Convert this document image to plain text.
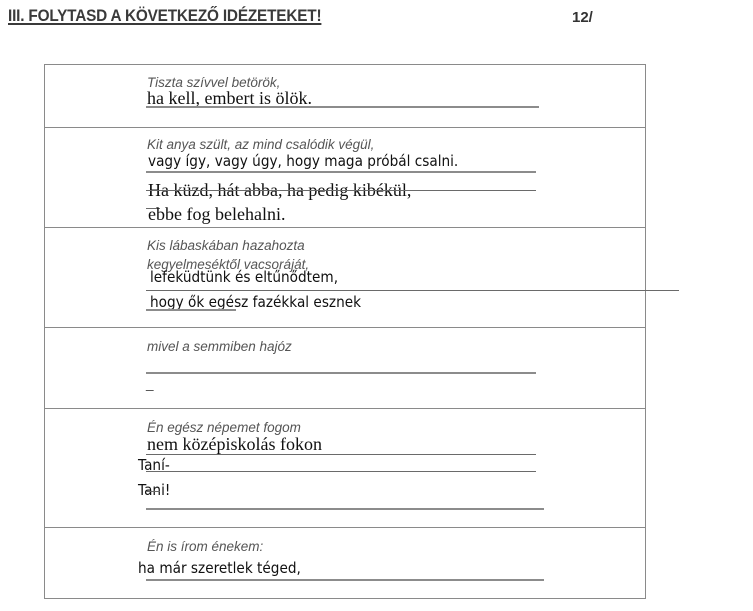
III. FOLYTASD A KÖVETKEZŐ IDÉZETEKET!	12/
Tiszta szívvel betörök,
ha kell, embert is ölök.
Kit anya szült, az mind csalódik végül,
vagy így, vagy úgy, hogy maga próbál csalni.
Ha küzd, hát abba, ha pedig kibékül,
ebbe fog belehalni.
Kis lábaskában hazahozta
kegyelmeséktől vacsoráját,
lefeküdtünk és eltűnődtem,
hogy ők egész fazékkal esznek
mivel a semmiben hajóz
_
Én egész népemet fogom
nem középiskolás fokon
Taní-
Tani!
Én is írom énekem:
ha már szeretlek téged,
